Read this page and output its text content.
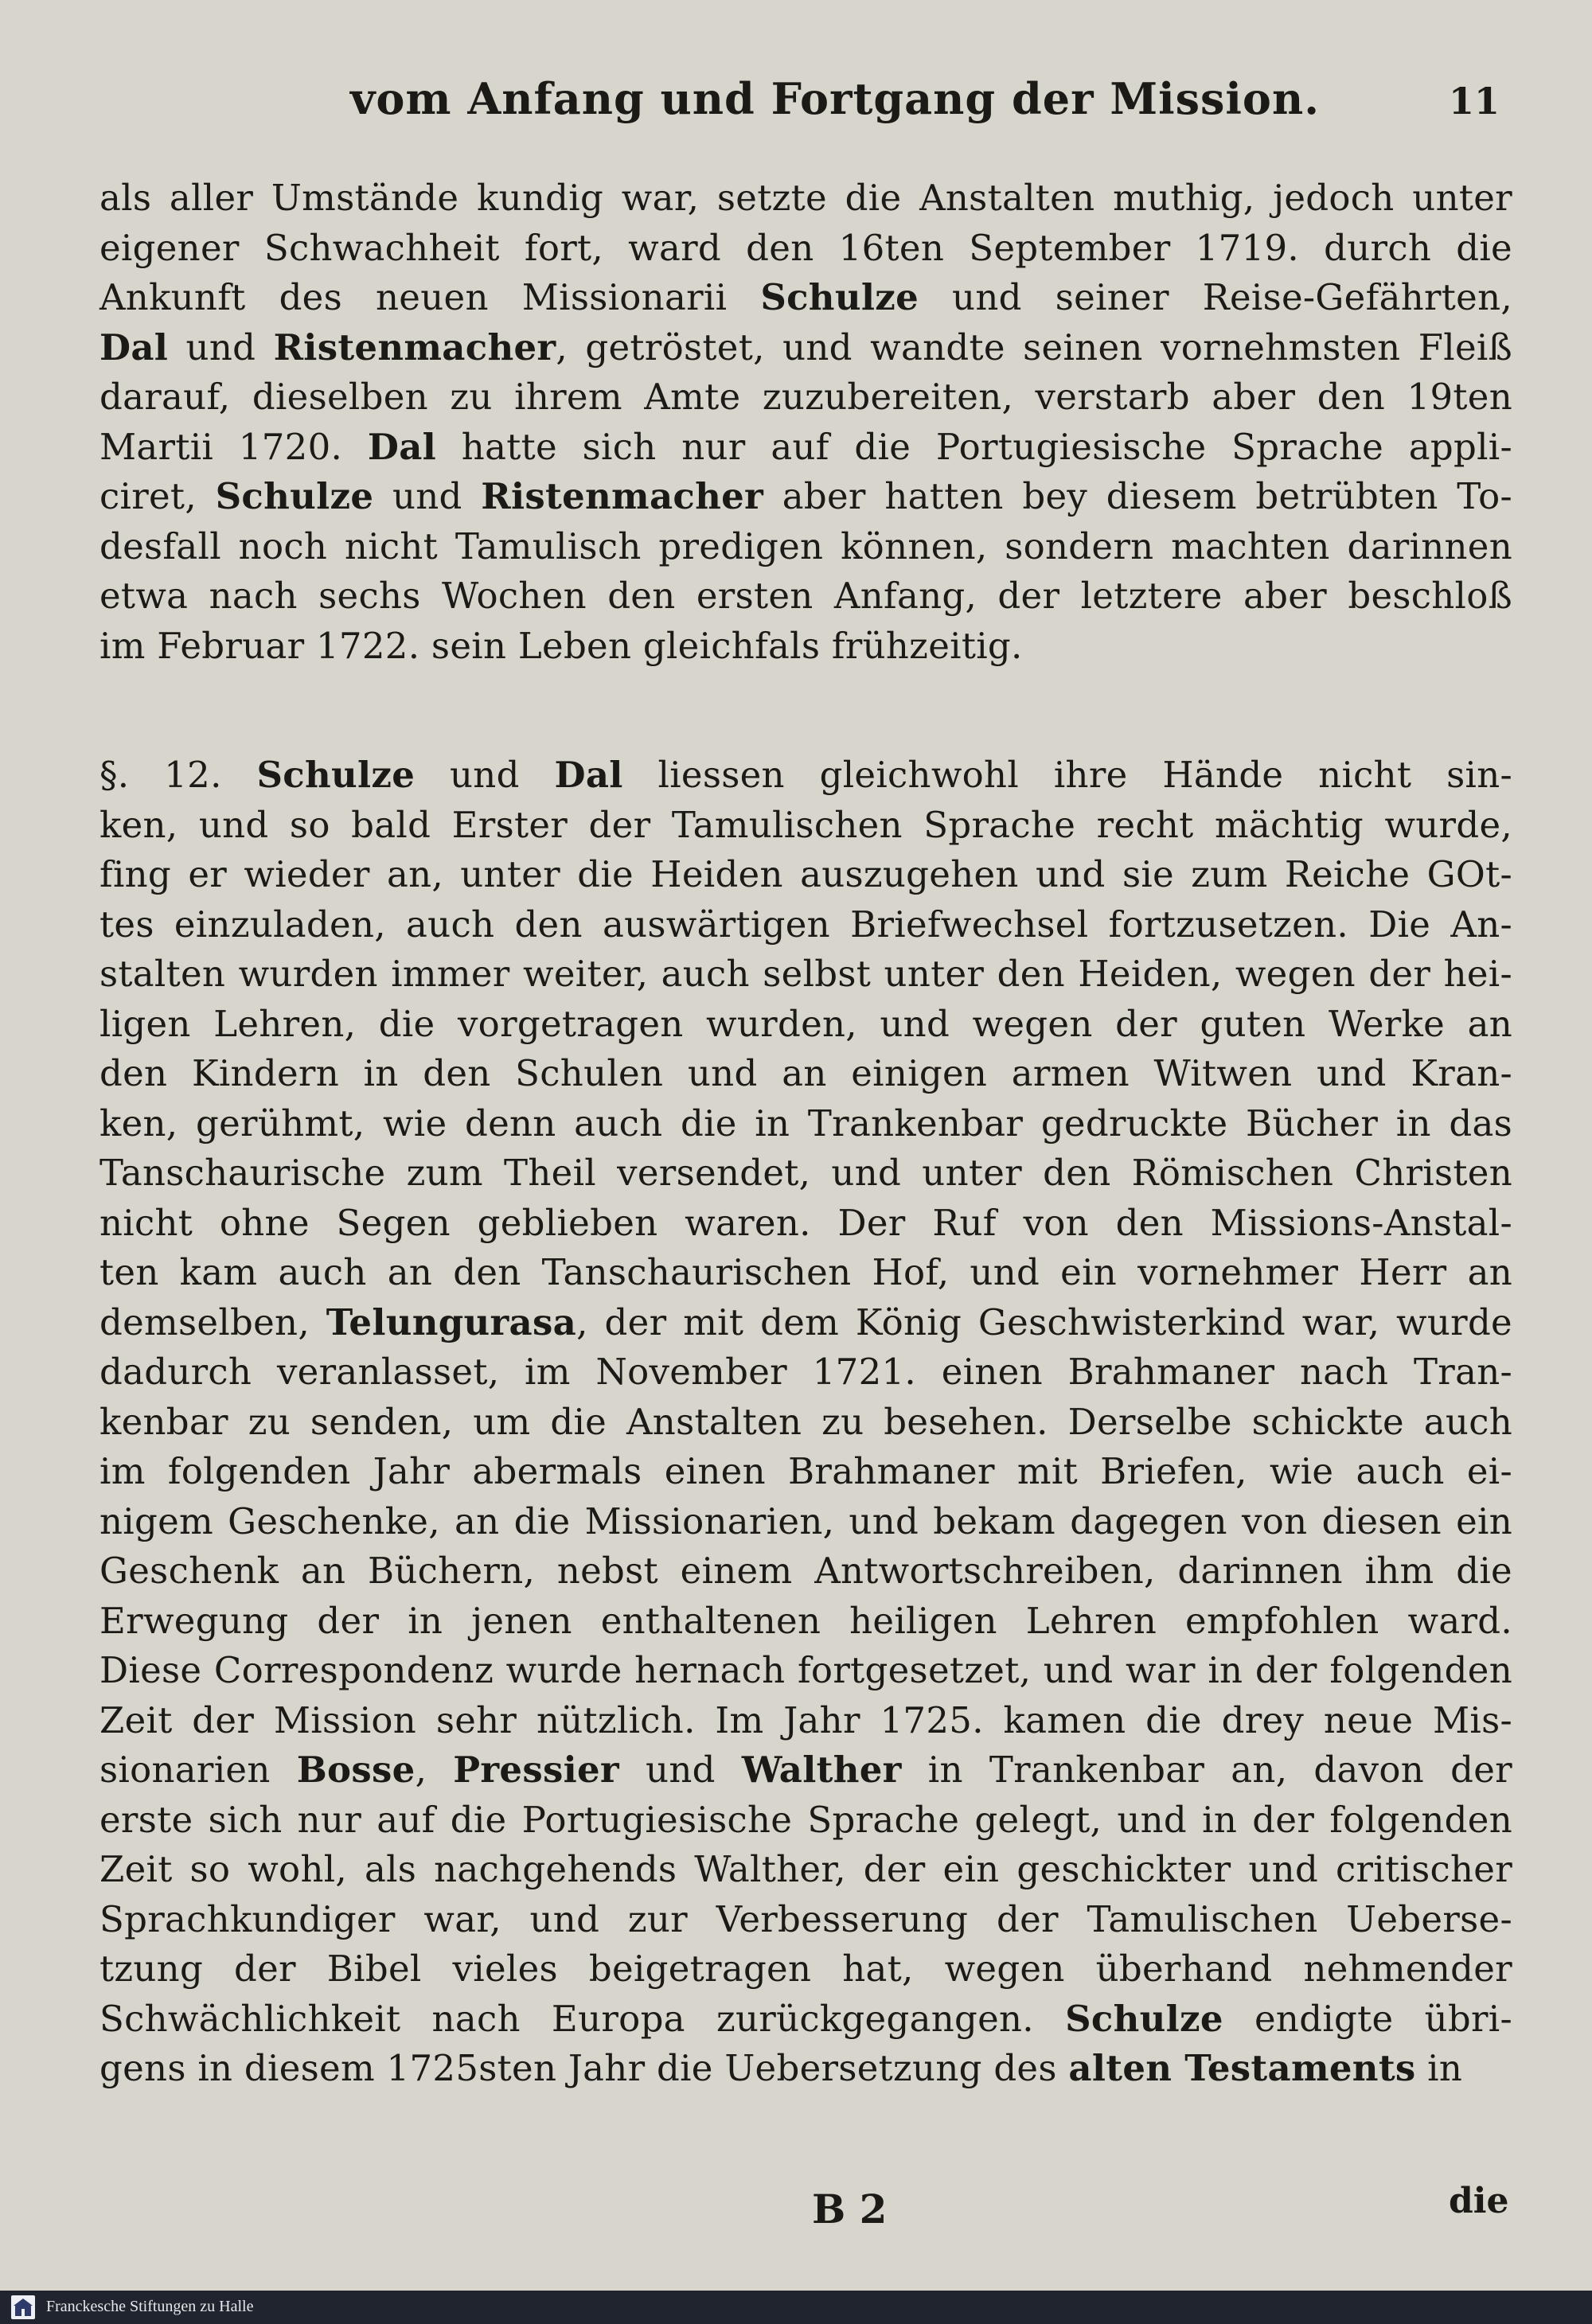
vom Anfang und Fortgang der Mission.	11
als aller Umstände kundig war, setzte die Anstalten muthig, jedoch unter
eigener Schwachheit fort, ward den 16ten September 1719. durch die
Ankunft des neuen Missionarii Schulze und seiner Reise-Gefährten,
Dal und Ristenmacher, getröstet, und wandte seinen vornehmsten Fleiß
darauf, dieselben zu ihrem Amte zuzubereiten, verstarb aber den 19ten
Martii 1720. Dal hatte sich nur auf die Portugiesische Sprache appli-
ciret, Schulze und Ristenmacher aber hatten bey diesem betrübten To-
desfall noch nicht Tamulisch predigen können, sondern machten darinnen
etwa nach sechs Wochen den ersten Anfang, der letztere aber beschloß
im Februar 1722. sein Leben gleichfals frühzeitig.
§. 12. Schulze und Dal liessen gleichwohl ihre Hände nicht sin-
ken, und so bald Erster der Tamulischen Sprache recht mächtig wurde,
fing er wieder an, unter die Heiden auszugehen und sie zum Reiche GOt-
tes einzuladen, auch den auswärtigen Briefwechsel fortzusetzen. Die An-
stalten wurden immer weiter, auch selbst unter den Heiden, wegen der hei-
ligen Lehren, die vorgetragen wurden, und wegen der guten Werke an
den Kindern in den Schulen und an einigen armen Witwen und Kran-
ken, gerühmt, wie denn auch die in Trankenbar gedruckte Bücher in das
Tanschaurische zum Theil versendet, und unter den Römischen Christen
nicht ohne Segen geblieben waren. Der Ruf von den Missions-Anstal-
ten kam auch an den Tanschaurischen Hof, und ein vornehmer Herr an
demselben, Telungurasa, der mit dem König Geschwisterkind war, wurde
dadurch veranlasset, im November 1721. einen Brahmaner nach Tran-
kenbar zu senden, um die Anstalten zu besehen. Derselbe schickte auch
im folgenden Jahr abermals einen Brahmaner mit Briefen, wie auch ei-
nigem Geschenke, an die Missionarien, und bekam dagegen von diesen ein
Geschenk an Büchern, nebst einem Antwortschreiben, darinnen ihm die
Erwegung der in jenen enthaltenen heiligen Lehren empfohlen ward.
Diese Correspondenz wurde hernach fortgesetzet, und war in der folgenden
Zeit der Mission sehr nützlich. Im Jahr 1725. kamen die drey neue Mis-
sionarien Bosse, Pressier und Walther in Trankenbar an, davon der
erste sich nur auf die Portugiesische Sprache gelegt, und in der folgenden
Zeit so wohl, als nachgehends Walther, der ein geschickter und critischer
Sprachkundiger war, und zur Verbesserung der Tamulischen Ueberse-
tzung der Bibel vieles beigetragen hat, wegen überhand nehmender
Schwächlichkeit nach Europa zurückgegangen. Schulze endigte übri-
gens in diesem 1725sten Jahr die Uebersetzung des alten Testaments in
B 2	die
Franckesche Stiftungen zu Halle
